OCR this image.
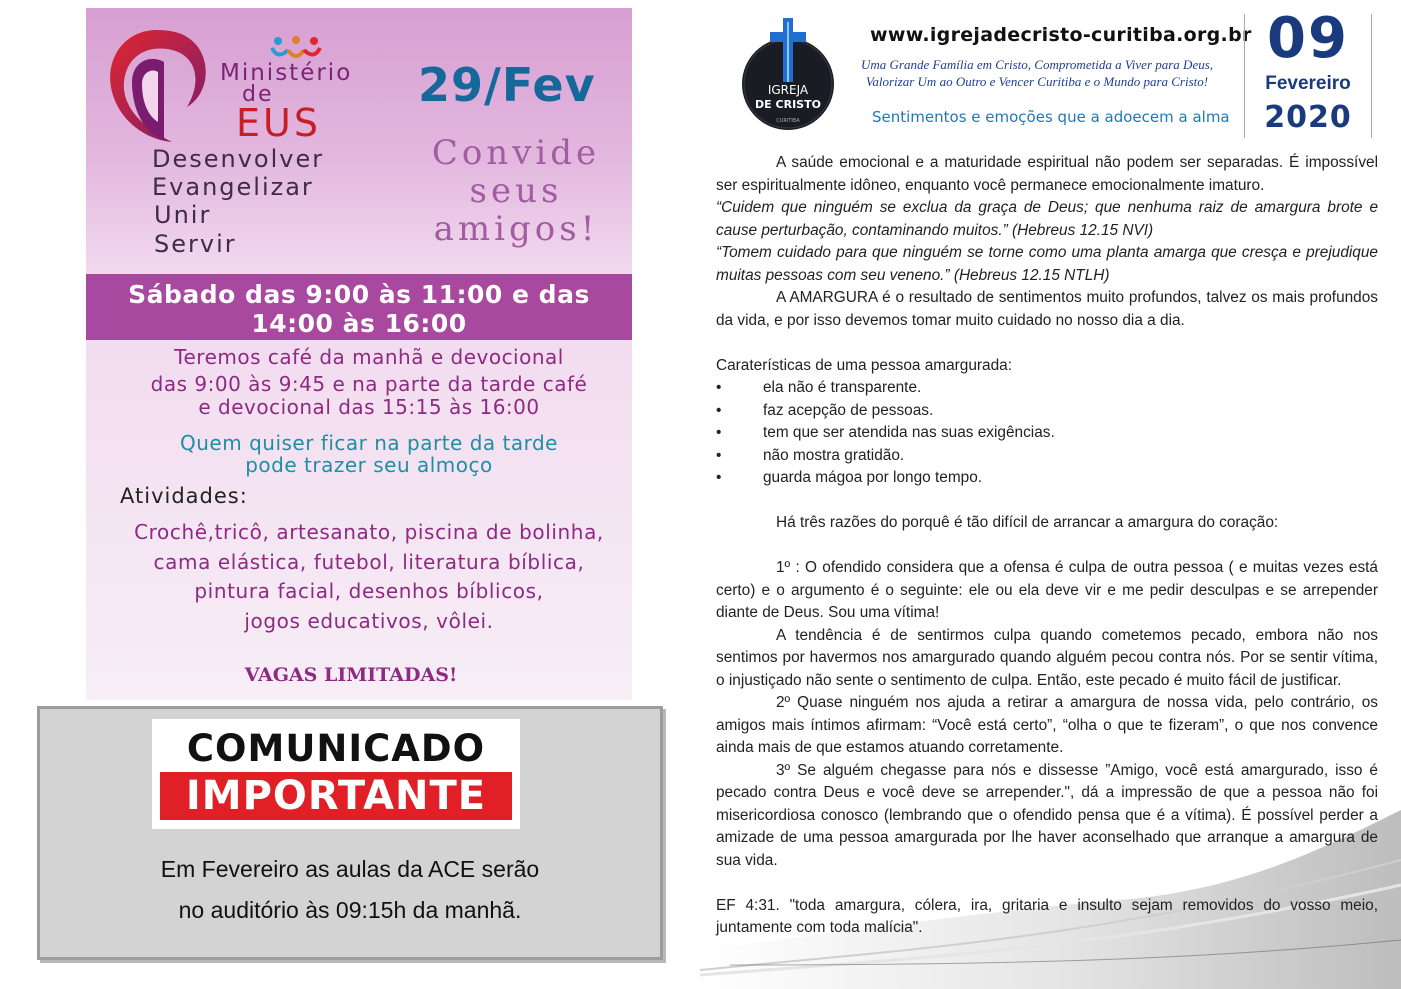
Ministério
de
EUS
Desenvolver
Evangelizar
Unir
Servir
29/Fev
Convide
seus
amigos!
Sábado das 9:00 às 11:00 e das
14:00 às 16:00
Teremos café da manhã e devocional
das 9:00 às 9:45 e na parte da tarde café
e devocional das 15:15 às 16:00
Quem quiser ficar na parte da tarde
pode trazer seu almoço
Atividades:
Crochê,tricô, artesanato, piscina de bolinha,
cama elástica, futebol, literatura bíblica,
pintura facial, desenhos bíblicos,
jogos educativos, vôlei.
VAGAS LIMITADAS!
COMUNICADO
IMPORTANTE
Em Fevereiro as aulas da ACE serão
no auditório às 09:15h da manhã.
IGREJA
DE CRISTO
CURITIBA
www.igrejadecristo-curitiba.org.br
Uma Grande Família em Cristo, Comprometida a Viver para Deus,
Valorizar Um ao Outro e Vencer Curitiba e o Mundo para Cristo!
Sentimentos e emoções que a adoecem a alma
09
Fevereiro
2020

A saúde emocional e a maturidade espiritual não podem ser separadas. É impossível ser espiritualmente idôneo, enquanto você permanece emocionalmente imaturo.

“Cuidem que ninguém se exclua da graça de Deus; que nenhuma raiz de amargura brote e cause perturbação, contaminando muitos.” (Hebreus 12.15 NVI)

“Tomem cuidado para que ninguém se torne como uma planta amarga que cresça e prejudique muitas pessoas com seu veneno.” (Hebreus 12.15 NTLH)

A AMARGURA é o resultado de sentimentos muito profundos, talvez os mais profundos da vida, e por isso devemos tomar muito cuidado no nosso dia a dia.

Caraterísticas de uma pessoa amargurada:

• ela não é transparente.
• faz acepção de pessoas.
• tem que ser atendida nas suas exigências.
• não mostra gratidão.
• guarda mágoa por longo tempo.

Há três razões do porquê é tão difícil de arrancar a amargura do coração:

1º : O ofendido considera que a ofensa é culpa de outra pessoa ( e muitas vezes está certo) e o argumento é o seguinte: ele ou ela deve vir e me pedir desculpas e se arrepender diante de Deus. Sou uma vítima!

A tendência é de sentirmos culpa quando cometemos pecado, embora não nos sentimos por havermos nos amargurado quando alguém pecou contra nós. Por se sentir vítima, o injustiçado não sente o sentimento de culpa. Então, este pecado é muito fácil de justificar.

2º Quase ninguém nos ajuda a retirar a amargura de nossa vida, pelo contrário, os amigos mais íntimos afirmam: “Você está certo”, “olha o que te fizeram”, o que nos convence ainda mais de que estamos atuando corretamente.

3º Se alguém chegasse para nós e dissesse ”Amigo, você está amargurado, isso é pecado contra Deus e você deve se arrepender.", dá a impressão de que a pessoa não foi misericordiosa conosco (lembrando que o ofendido pensa que é a vítima). É possível perder a amizade de uma pessoa amargurada por lhe haver aconselhado que arranque a amargura de sua vida.

EF 4:31. "toda amargura, cólera, ira, gritaria e insulto sejam removidos do vosso meio, juntamente com toda malícia".
